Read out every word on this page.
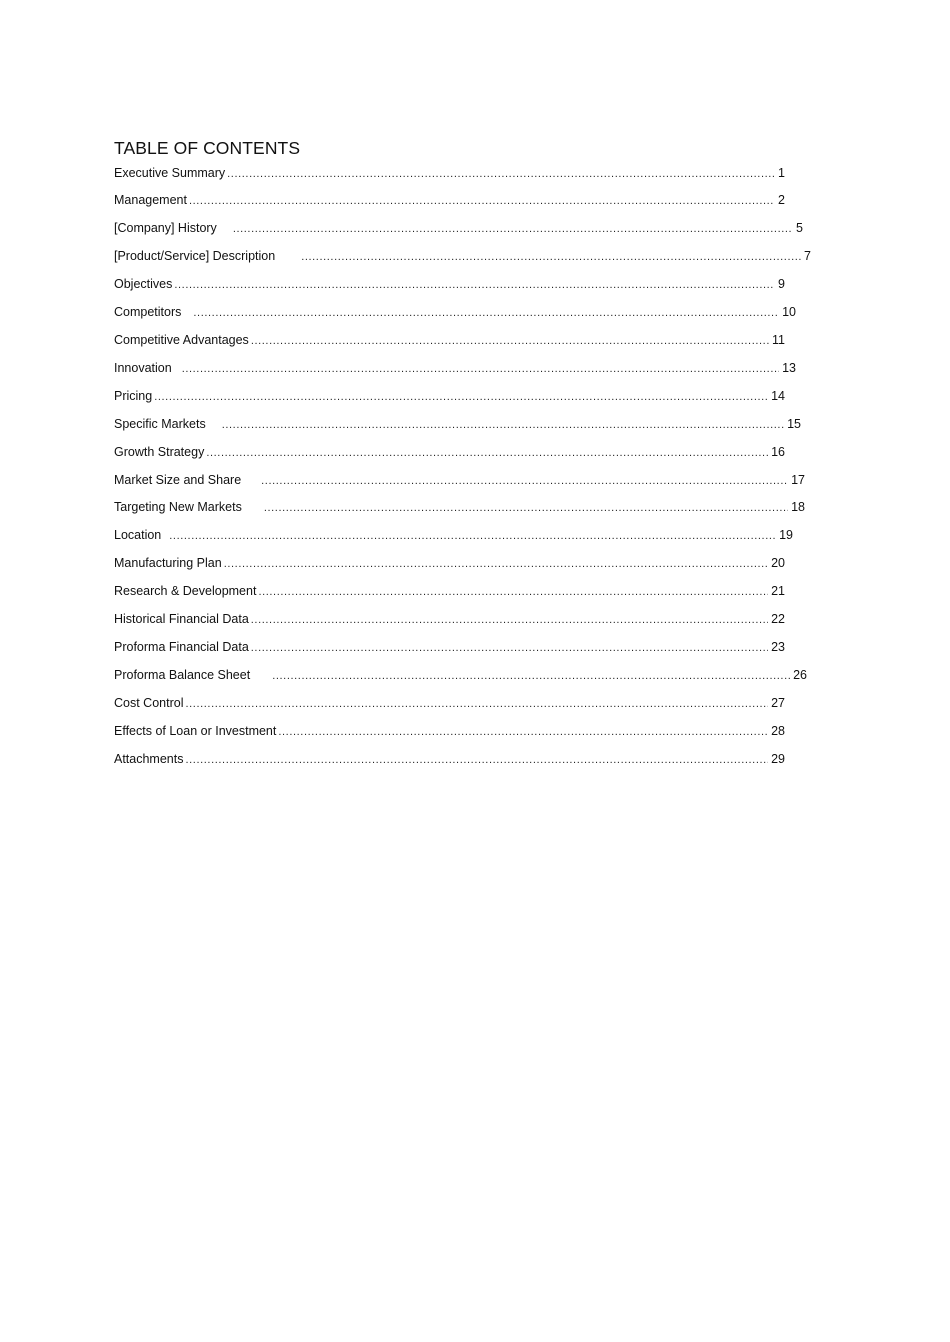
TABLE OF CONTENTS
Executive Summary .....	1
Management .....	2
[Company] History .....	5
[Product/Service] Description .....	7
Objectives .....	9
Competitors .....	10
Competitive Advantages .....	11
Innovation .....	13
Pricing .....	14
Specific Markets .....	15
Growth Strategy .....	16
Market Size and Share .....	17
Targeting New Markets .....	18
Location .....	19
Manufacturing Plan .....	20
Research & Development .....	21
Historical Financial Data .....	22
Proforma Financial Data .....	23
Proforma Balance Sheet .....	26
Cost Control .....	27
Effects of Loan or Investment .....	28
Attachments .....	29
